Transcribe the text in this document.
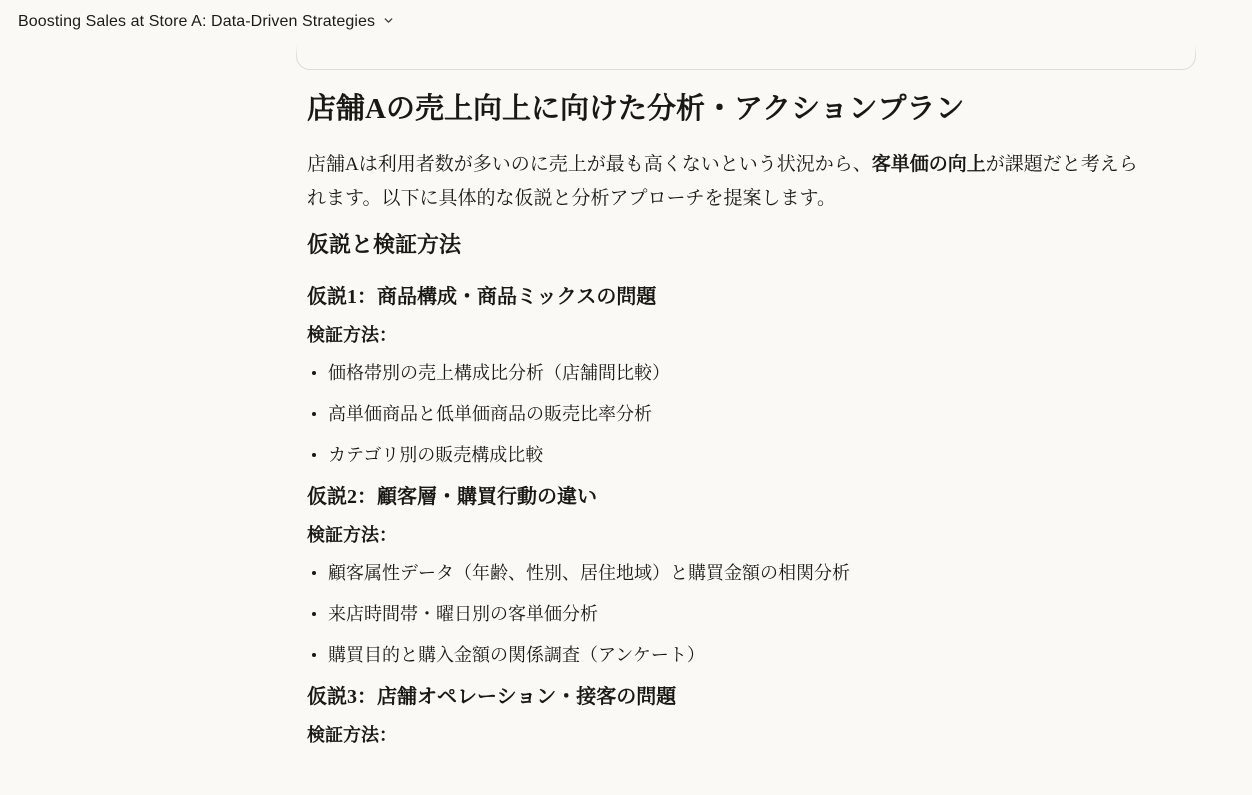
Boosting Sales at Store A: Data-Driven Strategies
店舗Aの売上向上に向けた分析・アクションプラン

店舗Aは利用者数が多いのに売上が最も高くないという状況から、客単価の向上が課題だと考えられます。以下に具体的な仮説と分析アプローチを提案します。

仮説と検証方法
仮説1：商品構成・商品ミックスの問題

検証方法：

価格帯別の売上構成比分析（店舗間比較）
高単価商品と低単価商品の販売比率分析
カテゴリ別の販売構成比較
仮説2：顧客層・購買行動の違い

検証方法：

顧客属性データ（年齢、性別、居住地域）と購買金額の相関分析
来店時間帯・曜日別の客単価分析
購買目的と購入金額の関係調査（アンケート）
仮説3：店舗オペレーション・接客の問題

検証方法：
